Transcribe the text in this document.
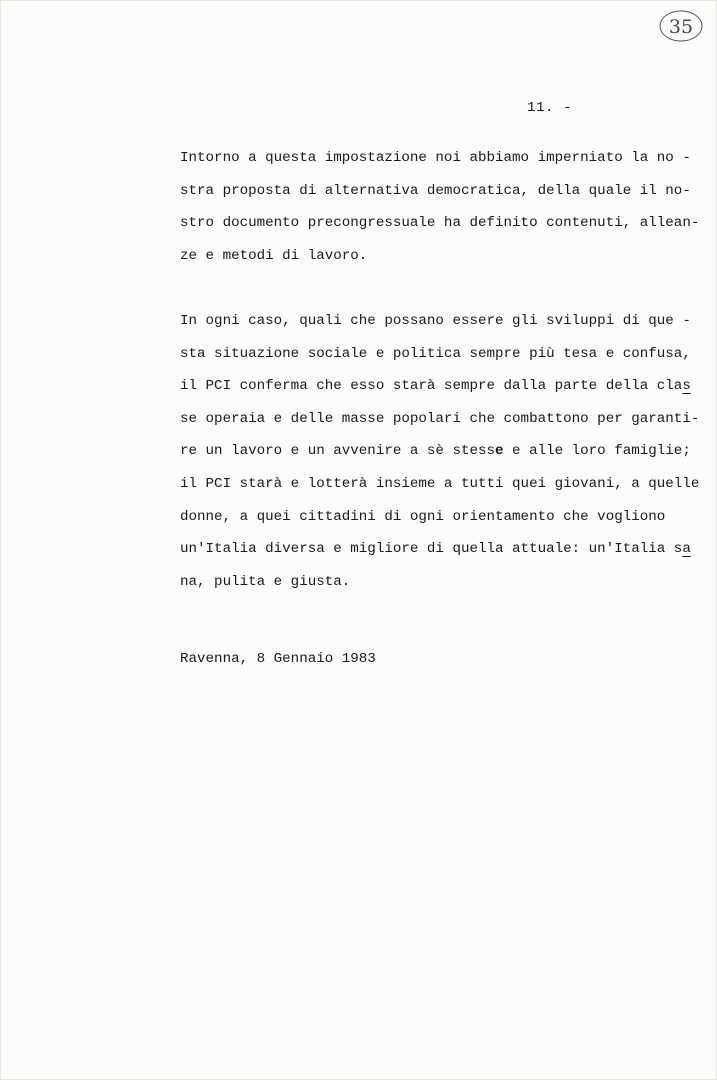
35
11. -
Intorno a questa impostazione noi abbiamo imperniato la no -
stra proposta di alternativa democratica, della quale il no-
stro documento precongressuale ha definito contenuti, allean-
ze e metodi di lavoro.
In ogni caso, quali che possano essere gli sviluppi di que -
sta situazione sociale e politica sempre più tesa e confusa,
il PCI conferma che esso starà sempre dalla parte della clas
se operaia e delle masse popolari che combattono per garanti-
re un lavoro e un avvenire a sè stesse e alle loro famiglie;
il PCI starà e lotterà insieme a tutti quei giovani, a quelle
donne, a quei cittadini di ogni orientamento che vogliono
un'Italia diversa e migliore di quella attuale: un'Italia sa
na, pulita e giusta.
Ravenna, 8 Gennaio 1983
